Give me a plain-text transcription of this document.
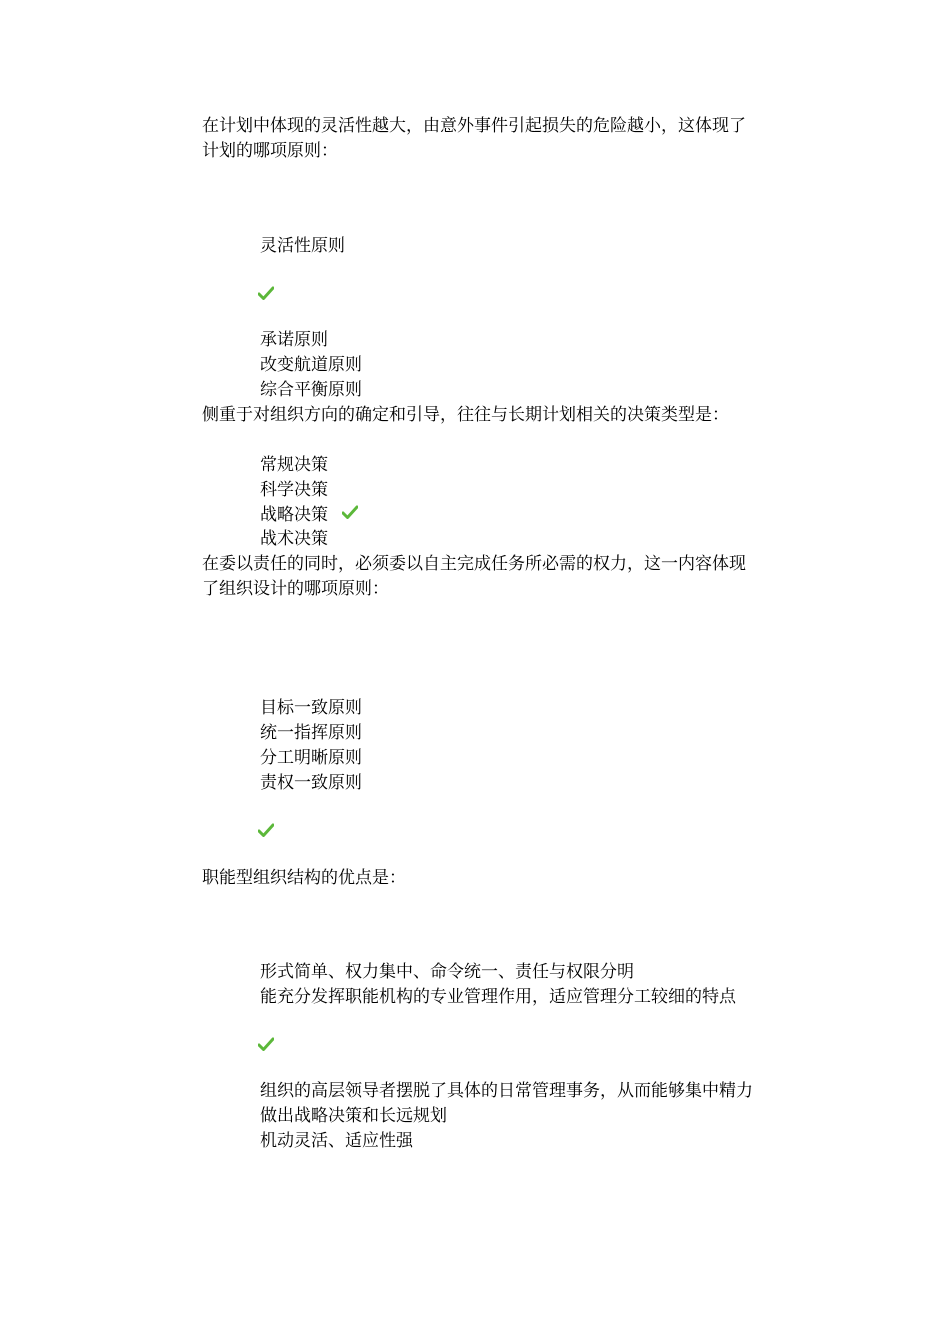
在计划中体现的灵活性越大，由意外事件引起损失的危险越小，这体现了
计划的哪项原则：
灵活性原则
承诺原则
改变航道原则
综合平衡原则
侧重于对组织方向的确定和引导，往往与长期计划相关的决策类型是：
常规决策
科学决策
战略决策
战术决策
在委以责任的同时，必须委以自主完成任务所必需的权力，这一内容体现
了组织设计的哪项原则：
目标一致原则
统一指挥原则
分工明晰原则
责权一致原则
职能型组织结构的优点是：
形式简单、权力集中、命令统一、责任与权限分明
能充分发挥职能机构的专业管理作用，适应管理分工较细的特点
组织的高层领导者摆脱了具体的日常管理事务，从而能够集中精力
做出战略决策和长远规划
机动灵活、适应性强
